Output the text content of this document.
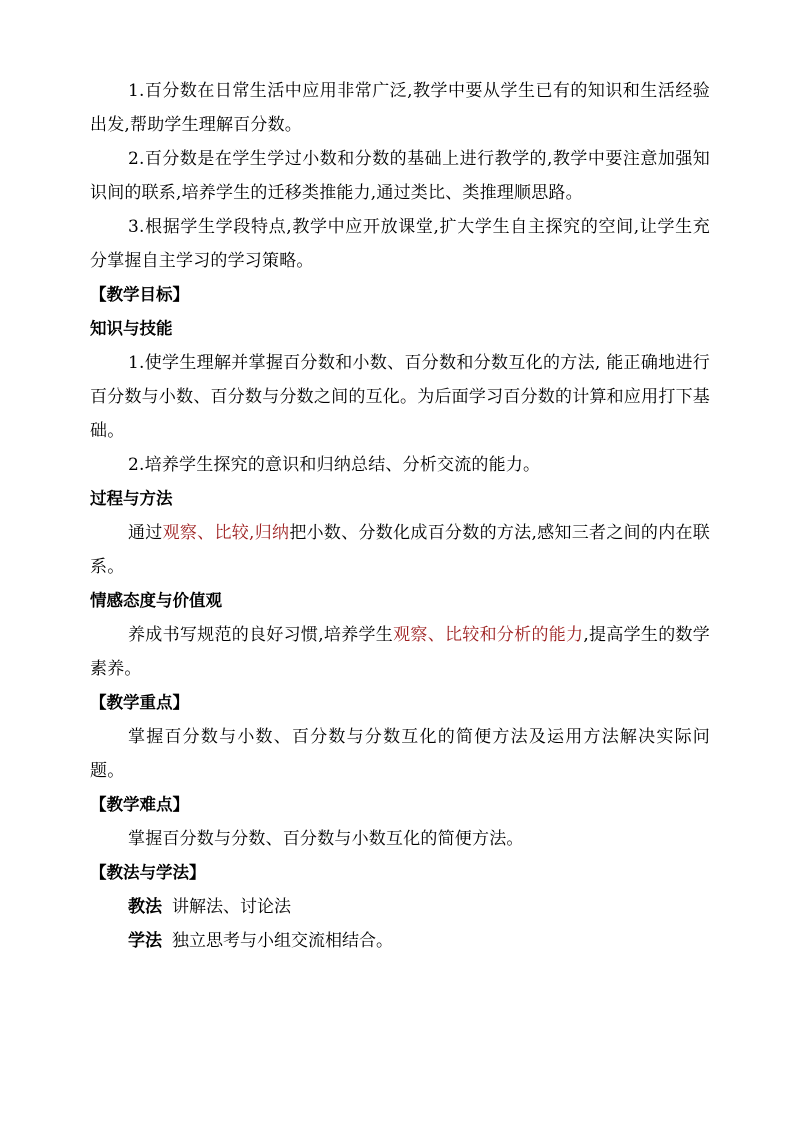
1.百分数在日常生活中应用非常广泛,教学中要从学生已有的知识和生活经验出发,帮助学生理解百分数。

2.百分数是在学生学过小数和分数的基础上进行教学的,教学中要注意加强知识间的联系,培养学生的迁移类推能力,通过类比、类推理顺思路。

3.根据学生学段特点,教学中应开放课堂,扩大学生自主探究的空间,让学生充分掌握自主学习的学习策略。

【教学目标】

知识与技能

1.使学生理解并掌握百分数和小数、百分数和分数互化的方法, 能正确地进行百分数与小数、百分数与分数之间的互化。为后面学习百分数的计算和应用打下基础。

2.培养学生探究的意识和归纳总结、分析交流的能力。

过程与方法

通过观察、比较,归纳把小数、分数化成百分数的方法,感知三者之间的内在联系。

情感态度与价值观

养成书写规范的良好习惯,培养学生观察、比较和分析的能力,提高学生的数学素养。

【教学重点】

掌握百分数与小数、百分数与分数互化的简便方法及运用方法解决实际问题。

【教学难点】

掌握百分数与分数、百分数与小数互化的简便方法。

【教法与学法】

教法 讲解法、讨论法

学法 独立思考与小组交流相结合。
